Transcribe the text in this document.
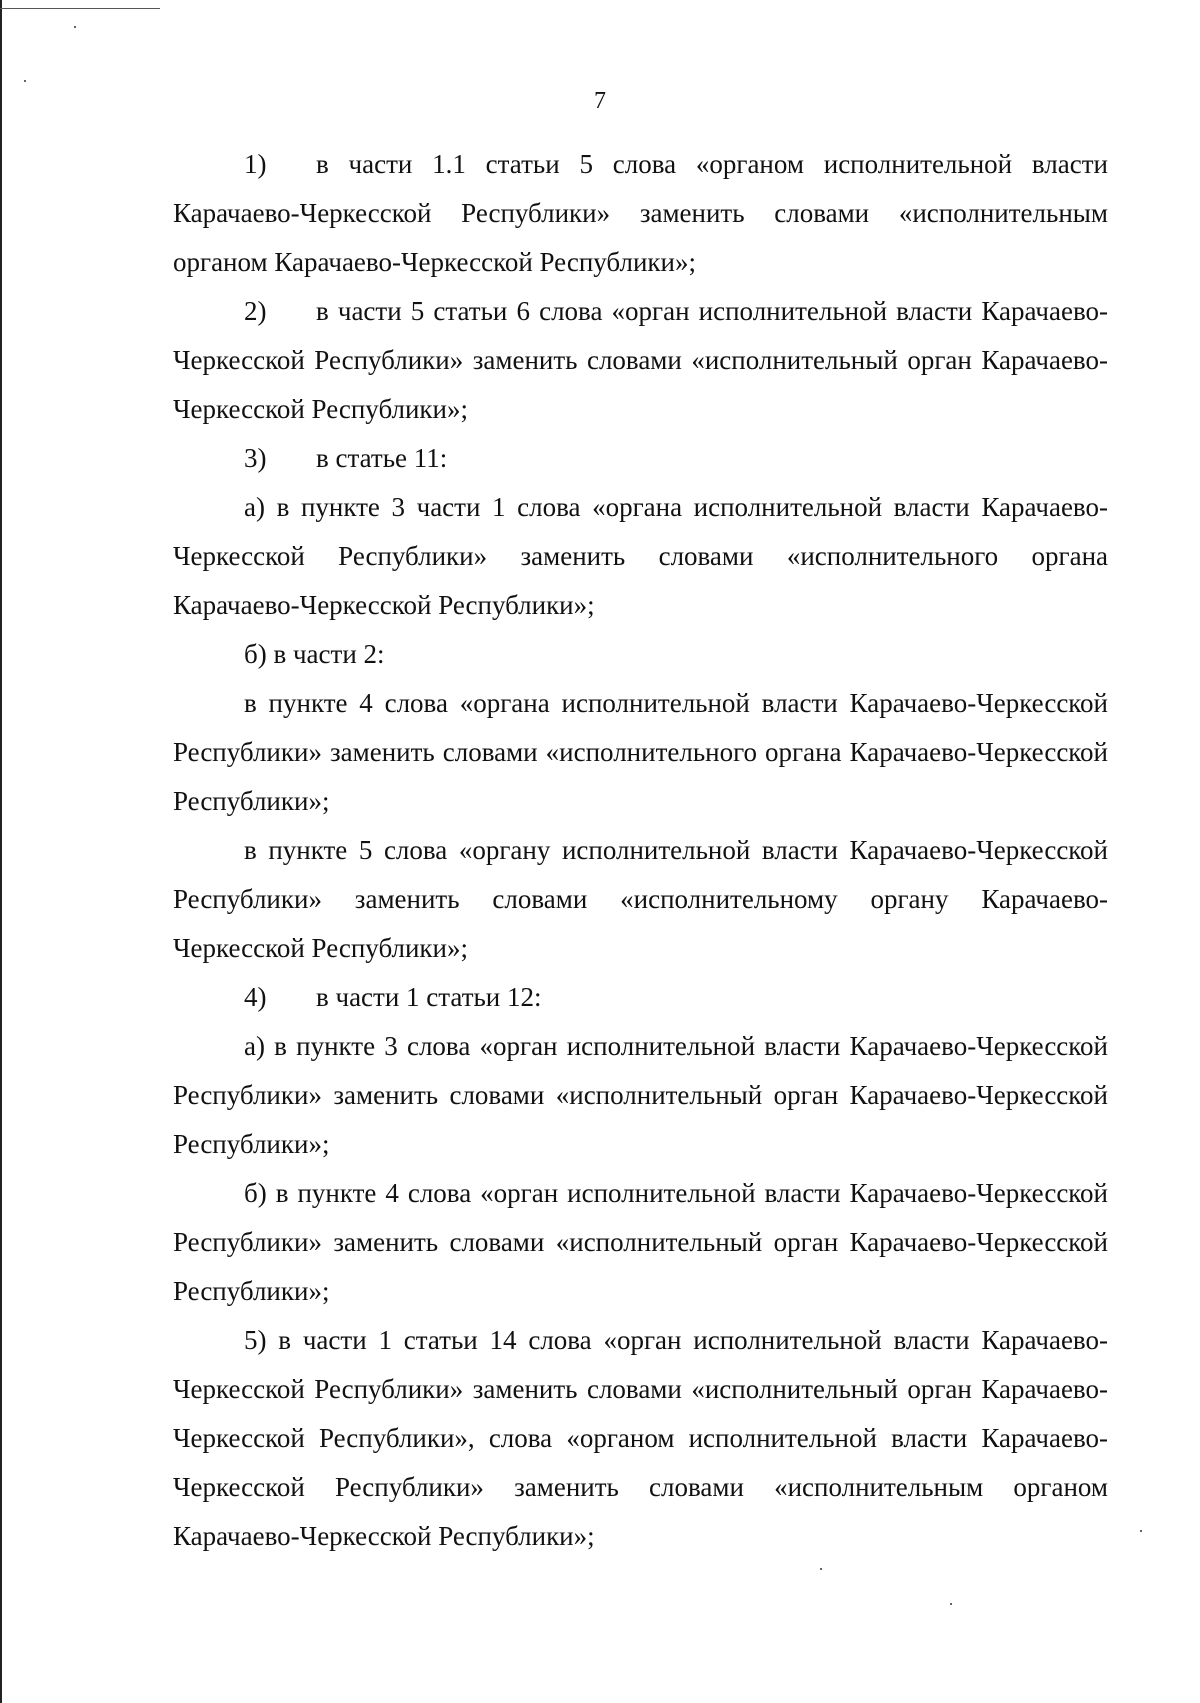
7

1) в части 1.1 статьи 5 слова «органом исполнительной власти Карачаево-Черкесской Республики» заменить словами «исполнительным органом Карачаево-Черкесской Республики»;

2) в части 5 статьи 6 слова «орган исполнительной власти Карачаево-Черкесской Республики» заменить словами «исполнительный орган Карачаево-Черкесской Республики»;

3) в статье 11:

а) в пункте 3 части 1 слова «органа исполнительной власти Карачаево-Черкесской Республики» заменить словами «исполнительного органа Карачаево-Черкесской Республики»;

б) в части 2:

в пункте 4 слова «органа исполнительной власти Карачаево-Черкесской Республики» заменить словами «исполнительного органа Карачаево-Черкесской Республики»;

в пункте 5 слова «органу исполнительной власти Карачаево-Черкесской Республики» заменить словами «исполнительному органу Карачаево-Черкесской Республики»;

4) в части 1 статьи 12:

а) в пункте 3 слова «орган исполнительной власти Карачаево-Черкесской Республики» заменить словами «исполнительный орган Карачаево-Черкесской Республики»;

б) в пункте 4 слова «орган исполнительной власти Карачаево-Черкесской Республики» заменить словами «исполнительный орган Карачаево-Черкесской Республики»;

5) в части 1 статьи 14 слова «орган исполнительной власти Карачаево-Черкесской Республики» заменить словами «исполнительный орган Карачаево-Черкесской Республики», слова «органом исполнительной власти Карачаево-Черкесской Республики» заменить словами «исполнительным органом Карачаево-Черкесской Республики»;
